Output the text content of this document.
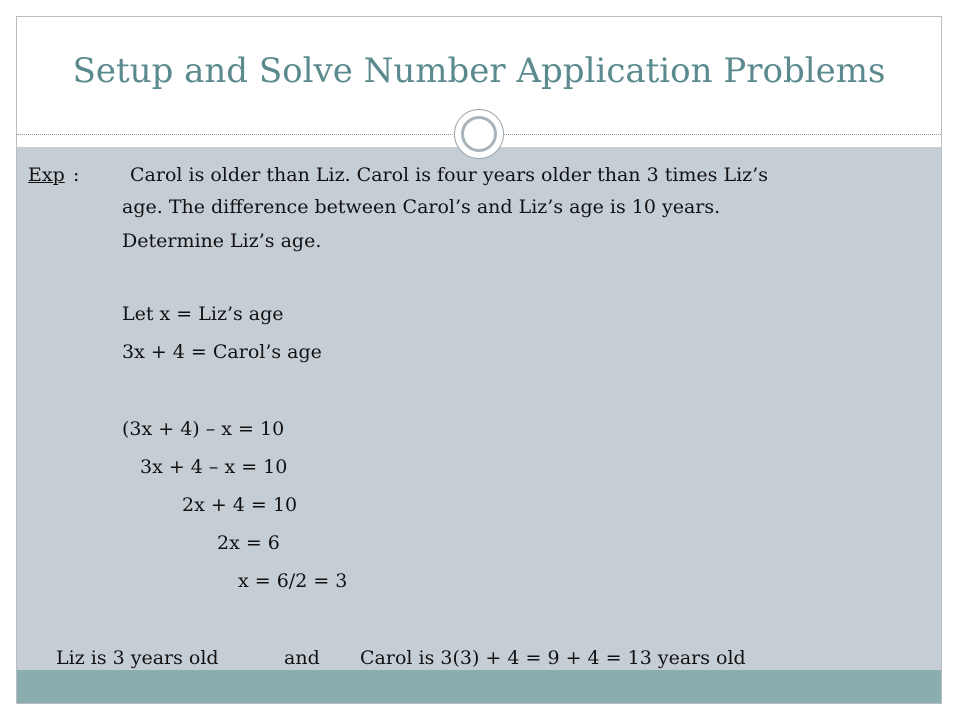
Setup and Solve Number Application Problems
Exp :	Carol is older than Liz. Carol is four years older than 3 times Liz’s
age. The difference between Carol’s and Liz’s age is 10 years.
Determine Liz’s age.
Let x = Liz’s age
3x + 4 = Carol’s age
(3x + 4) – x = 10
3x + 4 – x = 10
2x + 4 = 10
2x = 6
x = 6/2 = 3
Liz is 3 years old	and Carol is 3(3) + 4 = 9 + 4 = 13 years old
